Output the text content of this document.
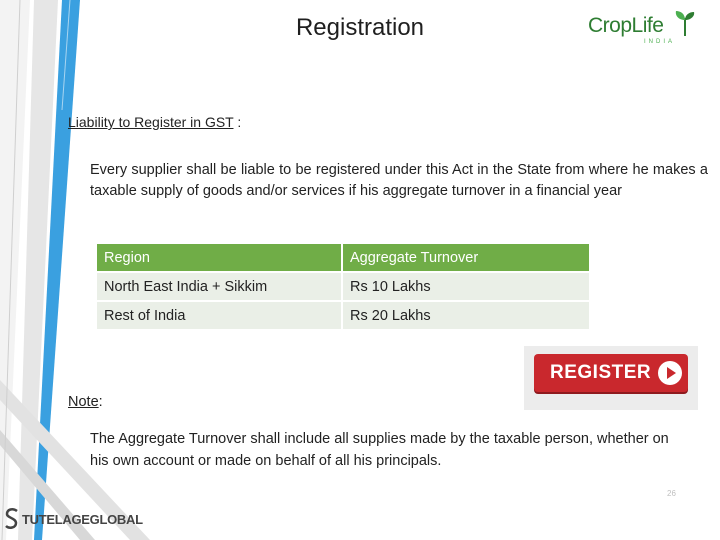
Registration	CropLife
INDIA
Liability to Register in GST :
Every supplier shall be liable to be registered under this Act in the State from where he makes a taxable supply of goods and/or services if his aggregate turnover in a financial year
Region	Aggregate Turnover
North East India + Sikkim	Rs 10 Lakhs
Rest of India	Rs 20 Lakhs
REGISTER
Note:
The Aggregate Turnover shall include all supplies made by the taxable person, whether on his own account or made on behalf of all his principals.
26
TUTELAGEGLOBAL
